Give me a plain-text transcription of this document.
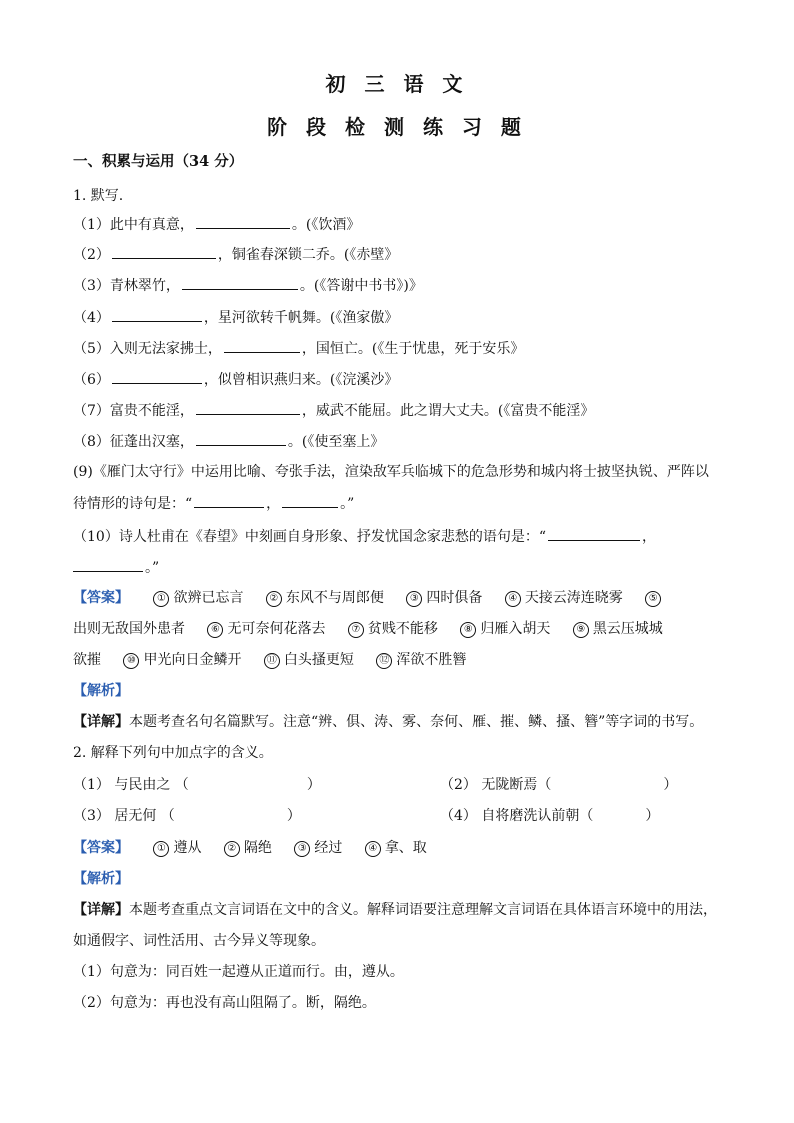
初 三 语 文
阶 段 检 测 练 习 题
一、积累与运用（34 分）
1. 默写.
（1）此中有真意，	。(《饮酒》
（2）	，铜雀春深锁二乔。(《赤壁》
（3）青林翠竹，	。(《答谢中书书》)》
（4）	，星河欲转千帆舞。(《渔家傲》
（5）入则无法家拂士，	，国恒亡。(《生于忧患，死于安乐》
（6）	，似曾相识燕归来。(《浣溪沙》
（7）富贵不能淫，	，威武不能屈。此之谓大丈夫。(《富贵不能淫》
（8）征蓬出汉塞，	。(《使至塞上》
(9)《雁门太守行》中运用比喻、夸张手法，渲染敌军兵临城下的危急形势和城内将士披坚执锐、严阵以
待情形的诗句是：“	，	。”
（10）诗人杜甫在《春望》中刻画自身形象、抒发忧国念家悲愁的语句是：“	，
。”
【答案】	① 欲辨已忘言	② 东风不与周郎便	③ 四时俱备	④ 天接云涛连晓雾	⑤
出则无敌国外患者	⑥ 无可奈何花落去	⑦ 贫贱不能移	⑧ 归雁入胡天	⑨ 黑云压城城
欲摧	⑩ 甲光向日金鳞开	⑪ 白头搔更短	⑫ 浑欲不胜簪
【解析】
【详解】本题考查名句名篇默写。注意“辨、俱、涛、雾、奈何、雁、摧、鳞、搔、簪”等字词的书写。
2. 解释下列句中加点字的含义。
（1） 与民由之 （	）	（2） 无陇断焉（	）
（3） 居无何 （	）	（4） 自将磨洗认前朝（	）
【答案】	① 遵从	② 隔绝	③ 经过	④ 拿、取
【解析】
【详解】本题考查重点文言词语在文中的含义。解释词语要注意理解文言词语在具体语言环境中的用法，
如通假字、词性活用、古今异义等现象。
（1）句意为：同百姓一起遵从正道而行。由，遵从。
（2）句意为：再也没有高山阻隔了。断，隔绝。
